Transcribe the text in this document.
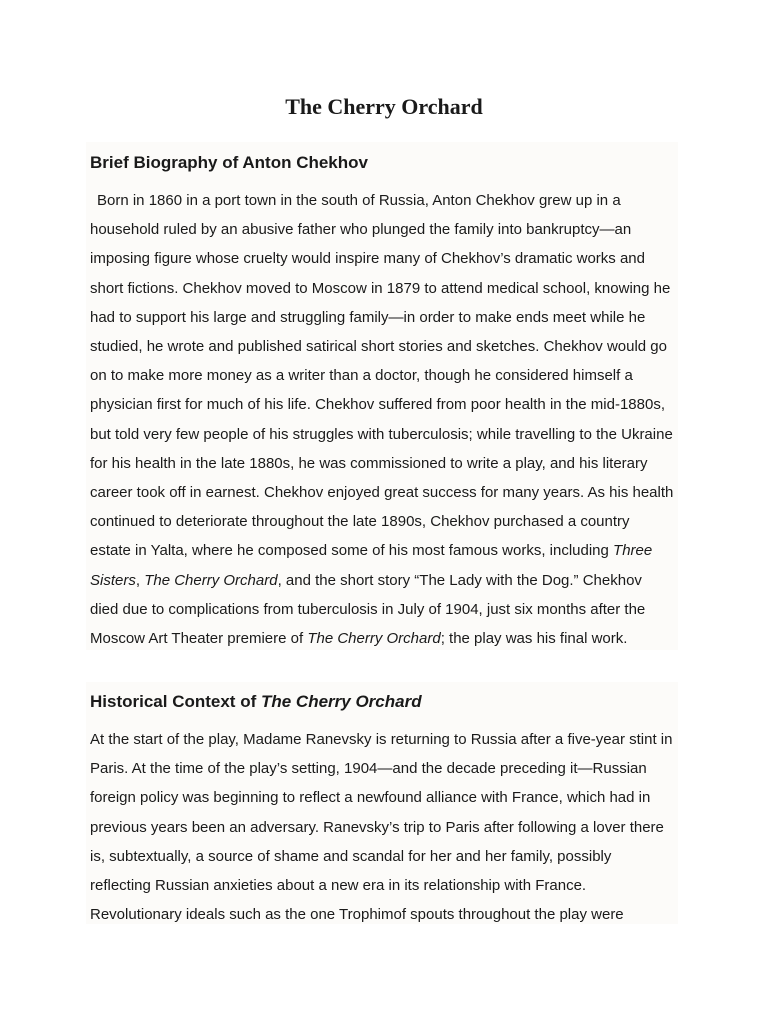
The Cherry Orchard
Brief Biography of Anton Chekhov

Born in 1860 in a port town in the south of Russia, Anton Chekhov grew up in a household ruled by an abusive father who plunged the family into bankruptcy—an imposing figure whose cruelty would inspire many of Chekhov’s dramatic works and short fictions. Chekhov moved to Moscow in 1879 to attend medical school, knowing he had to support his large and struggling family—in order to make ends meet while he studied, he wrote and published satirical short stories and sketches. Chekhov would go on to make more money as a writer than a doctor, though he considered himself a physician first for much of his life. Chekhov suffered from poor health in the mid-1880s, but told very few people of his struggles with tuberculosis; while travelling to the Ukraine for his health in the late 1880s, he was commissioned to write a play, and his literary career took off in earnest. Chekhov enjoyed great success for many years. As his health continued to deteriorate throughout the late 1890s, Chekhov purchased a country estate in Yalta, where he composed some of his most famous works, including Three Sisters, The Cherry Orchard, and the short story “The Lady with the Dog.” Chekhov died due to complications from tuberculosis in July of 1904, just six months after the Moscow Art Theater premiere of The Cherry Orchard; the play was his final work.

Historical Context of The Cherry Orchard

At the start of the play, Madame Ranevsky is returning to Russia after a five-year stint in Paris. At the time of the play’s setting, 1904—and the decade preceding it—Russian foreign policy was beginning to reflect a newfound alliance with France, which had in previous years been an adversary. Ranevsky’s trip to Paris after following a lover there is, subtextually, a source of shame and scandal for her and her family, possibly reflecting Russian anxieties about a new era in its relationship with France. Revolutionary ideals such as the one Trophimof spouts throughout the play were
